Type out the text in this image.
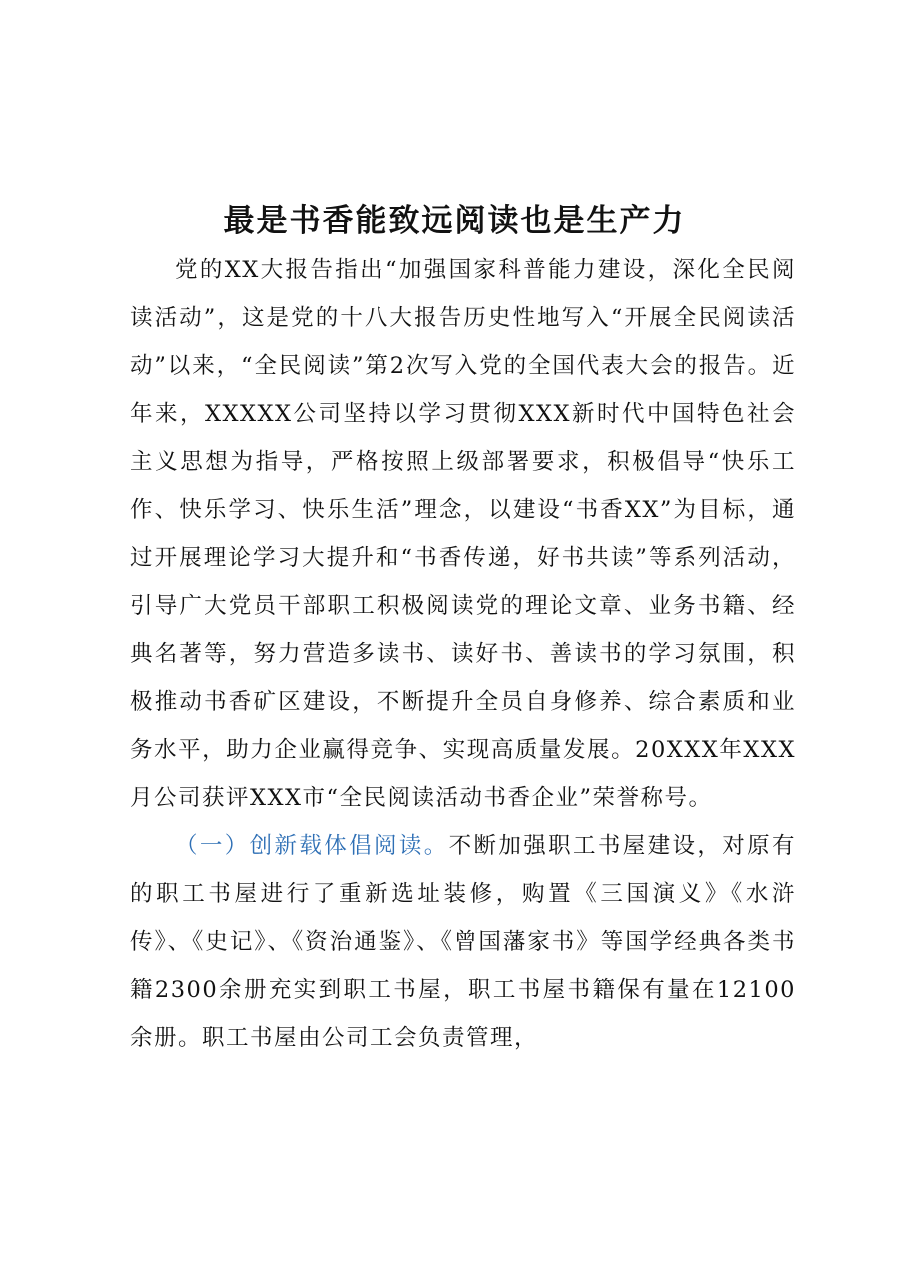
最是书香能致远阅读也是生产力

党的XX大报告指出“加强国家科普能力建设，深化全民阅读活动”，这是党的十八大报告历史性地写入“开展全民阅读活动”以来，“全民阅读”第2次写入党的全国代表大会的报告。近年来，XXXXX公司坚持以学习贯彻XXX新时代中国特色社会主义思想为指导，严格按照上级部署要求，积极倡导“快乐工作、快乐学习、快乐生活”理念，以建设“书香XX”为目标，通过开展理论学习大提升和“书香传递，好书共读”等系列活动，引导广大党员干部职工积极阅读党的理论文章、业务书籍、经典名著等，努力营造多读书、读好书、善读书的学习氛围，积极推动书香矿区建设，不断提升全员自身修养、综合素质和业务水平，助力企业赢得竞争、实现高质量发展。20XXX年XXX月公司获评XXX市“全民阅读活动书香企业”荣誉称号。

（一）创新载体倡阅读。不断加强职工书屋建设，对原有的职工书屋进行了重新选址装修，购置《三国演义》《水浒传》、《史记》、《资治通鉴》、《曾国藩家书》等国学经典各类书籍2300余册充实到职工书屋，职工书屋书籍保有量在12100余册。职工书屋由公司工会负责管理，
